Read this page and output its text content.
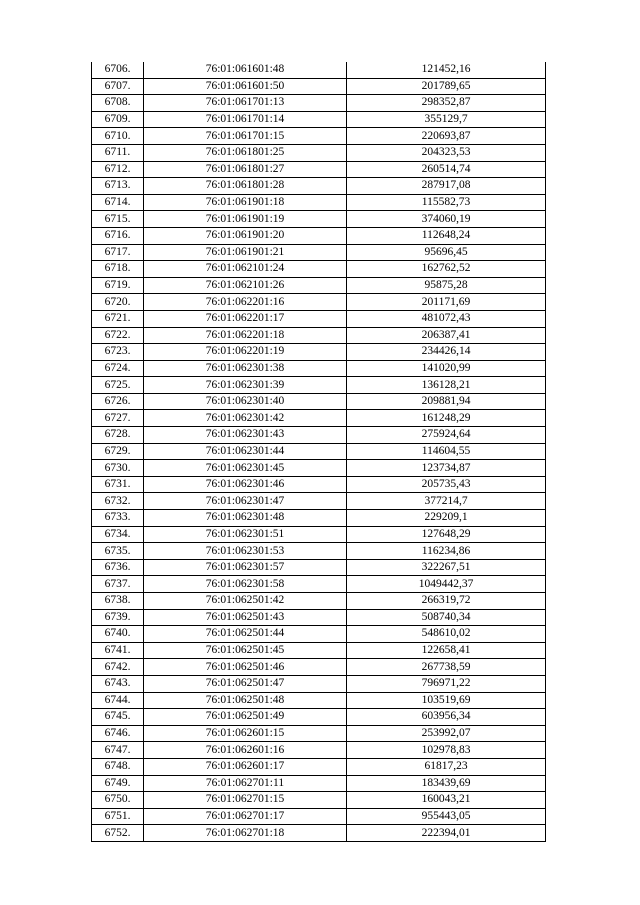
6706.	76:01:061601:48	121452,16
6707.	76:01:061601:50	201789,65
6708.	76:01:061701:13	298352,87
6709.	76:01:061701:14	355129,7
6710.	76:01:061701:15	220693,87
6711.	76:01:061801:25	204323,53
6712.	76:01:061801:27	260514,74
6713.	76:01:061801:28	287917,08
6714.	76:01:061901:18	115582,73
6715.	76:01:061901:19	374060,19
6716.	76:01:061901:20	112648,24
6717.	76:01:061901:21	95696,45
6718.	76:01:062101:24	162762,52
6719.	76:01:062101:26	95875,28
6720.	76:01:062201:16	201171,69
6721.	76:01:062201:17	481072,43
6722.	76:01:062201:18	206387,41
6723.	76:01:062201:19	234426,14
6724.	76:01:062301:38	141020,99
6725.	76:01:062301:39	136128,21
6726.	76:01:062301:40	209881,94
6727.	76:01:062301:42	161248,29
6728.	76:01:062301:43	275924,64
6729.	76:01:062301:44	114604,55
6730.	76:01:062301:45	123734,87
6731.	76:01:062301:46	205735,43
6732.	76:01:062301:47	377214,7
6733.	76:01:062301:48	229209,1
6734.	76:01:062301:51	127648,29
6735.	76:01:062301:53	116234,86
6736.	76:01:062301:57	322267,51
6737.	76:01:062301:58	1049442,37
6738.	76:01:062501:42	266319,72
6739.	76:01:062501:43	508740,34
6740.	76:01:062501:44	548610,02
6741.	76:01:062501:45	122658,41
6742.	76:01:062501:46	267738,59
6743.	76:01:062501:47	796971,22
6744.	76:01:062501:48	103519,69
6745.	76:01:062501:49	603956,34
6746.	76:01:062601:15	253992,07
6747.	76:01:062601:16	102978,83
6748.	76:01:062601:17	61817,23
6749.	76:01:062701:11	183439,69
6750.	76:01:062701:15	160043,21
6751.	76:01:062701:17	955443,05
6752.	76:01:062701:18	222394,01
